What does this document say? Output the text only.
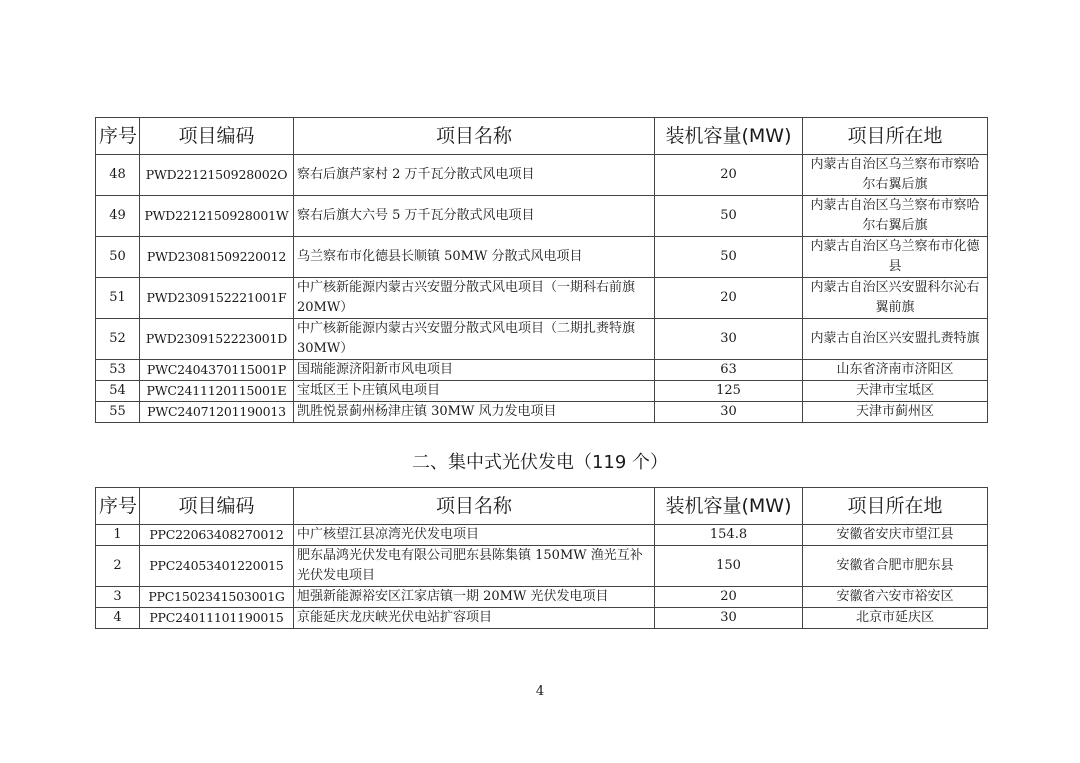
序号	项目编码	项目名称	装机容量(MW)	项目所在地
48	PWD2212150928002O	察右后旗芦家村 2 万千瓦分散式风电项目	20	内蒙古自治区乌兰察布市察哈尔右翼后旗
49	PWD2212150928001W	察右后旗大六号 5 万千瓦分散式风电项目	50	内蒙古自治区乌兰察布市察哈尔右翼后旗
50	PWD23081509220012	乌兰察布市化德县长顺镇 50MW 分散式风电项目	50	内蒙古自治区乌兰察布市化德县
51	PWD2309152221001F	中广核新能源内蒙古兴安盟分散式风电项目（一期科右前旗 20MW）	20	内蒙古自治区兴安盟科尔沁右翼前旗
52	PWD2309152223001D	中广核新能源内蒙古兴安盟分散式风电项目（二期扎赉特旗 30MW）	30	内蒙古自治区兴安盟扎赉特旗
53	PWC2404370115001P	国瑞能源济阳新市风电项目	63	山东省济南市济阳区
54	PWC2411120115001E	宝坻区王卜庄镇风电项目	125	天津市宝坻区
55	PWC24071201190013	凯胜悦景蓟州杨津庄镇 30MW 风力发电项目	30	天津市蓟州区
二、集中式光伏发电（119 个）
序号	项目编码	项目名称	装机容量(MW)	项目所在地
1	PPC22063408270012	中广核望江县凉湾光伏发电项目	154.8	安徽省安庆市望江县
2	PPC24053401220015	肥东晶鸿光伏发电有限公司肥东县陈集镇 150MW 渔光互补光伏发电项目	150	安徽省合肥市肥东县
3	PPC1502341503001G	旭强新能源裕安区江家店镇一期 20MW 光伏发电项目	20	安徽省六安市裕安区
4	PPC24011101190015	京能延庆龙庆峡光伏电站扩容项目	30	北京市延庆区
4
